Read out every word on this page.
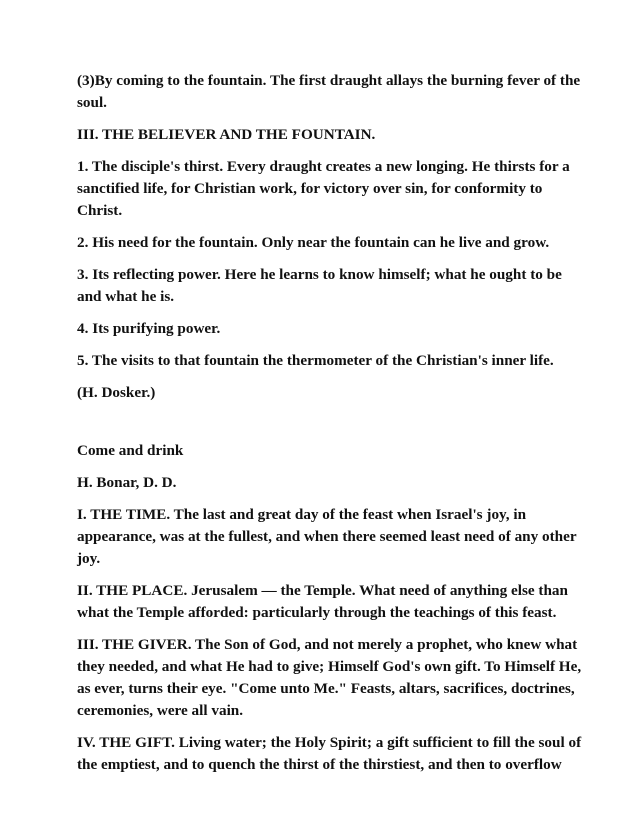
(3)By coming to the fountain. The first draught allays the burning fever of the
soul.

III. THE BELIEVER AND THE FOUNTAIN.

1. The disciple's thirst. Every draught creates a new longing. He thirsts for a
sanctified life, for Christian work, for victory over sin, for conformity to
Christ.

2. His need for the fountain. Only near the fountain can he live and grow.

3. Its reflecting power. Here he learns to know himself; what he ought to be
and what he is.

4. Its purifying power.

5. The visits to that fountain the thermometer of the Christian's inner life.

(H. Dosker.)

Come and drink

H. Bonar, D. D.

I. THE TIME. The last and great day of the feast when Israel's joy, in
appearance, was at the fullest, and when there seemed least need of any other
joy.

II. THE PLACE. Jerusalem — the Temple. What need of anything else than
what the Temple afforded: particularly through the teachings of this feast.

III. THE GIVER. The Son of God, and not merely a prophet, who knew what
they needed, and what He had to give; Himself God's own gift. To Himself He,
as ever, turns their eye. "Come unto Me." Feasts, altars, sacrifices, doctrines,
ceremonies, were all vain.

IV. THE GIFT. Living water; the Holy Spirit; a gift sufficient to fill the soul of
the emptiest, and to quench the thirst of the thirstiest, and then to overflow
